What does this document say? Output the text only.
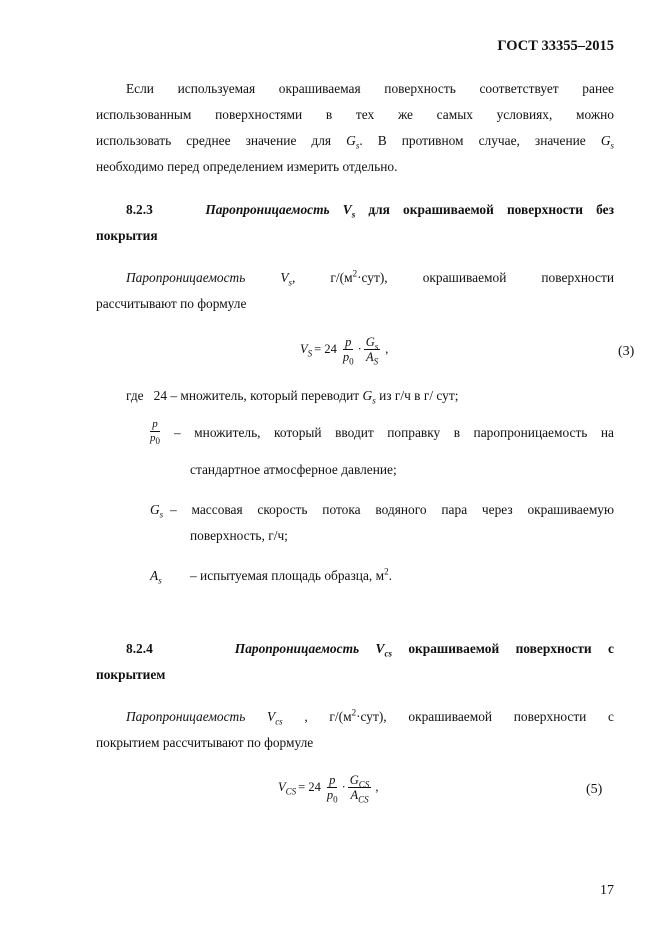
ГОСТ 33355–2015
Если используемая окрашиваемая поверхность соответствует ранее
использованным поверхностями в тех же самых условиях, можно
использовать среднее значение для $G_s$. В противном случае, значение $G_s$
необходимо перед определением измерить отдельно.
8.2.3	Паропроницаемость $V_s$ для окрашиваемой поверхности без
покрытия
Паропроницаемость	$V_s$, $г/(м^2\cdot сут)$,	окрашиваемой поверхности
рассчитывают по формуле
$V_S = 24 \frac{p}{p_0} \cdot \frac{G_s}{A_S}$ ,	(3)
где 24 – множитель, который переводит $G_s$ из г/ч в г/ сут;
p
$p_0$
– множитель, который вводит поправку в паропроницаемость на
стандартное атмосферное давление;
$G_s$ – массовая скорость потока водяного пара через окрашиваемую
поверхность, г/ч;
$A_s$ – испытуемая площадь образца, $м^2$.
8.2.4	Паропроницаемость $V_{cs}$ окрашиваемой поверхности с
покрытием
Паропроницаемость $V_{cs}$ , $г/(м^2\cdot сут)$, окрашиваемой поверхности с
покрытием рассчитывают по формуле
$V_{CS} = 24 \frac{p}{p_0} \cdot \frac{G_{CS}}{A_{CS}}$ ,	(5)
17
